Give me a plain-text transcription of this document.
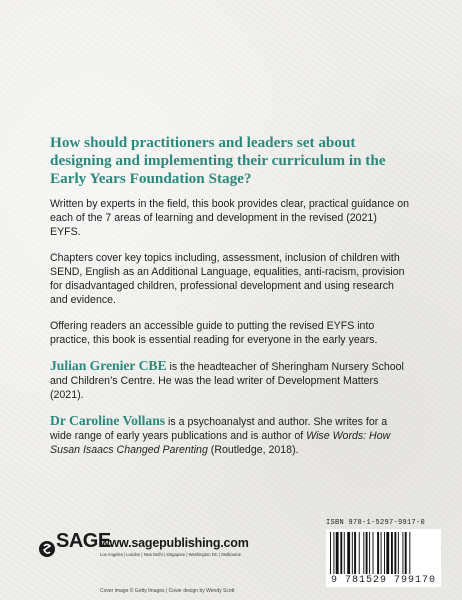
How should practitioners and leaders set about designing and implementing their curriculum in the Early Years Foundation Stage?

Written by experts in the field, this book provides clear, practical guidance on each of the 7 areas of learning and development in the revised (2021) EYFS.

Chapters cover key topics including, assessment, inclusion of children with SEND, English as an Additional Language, equalities, anti-racism, provision for disadvantaged children, professional development and using research and evidence.

Offering readers an accessible guide to putting the revised EYFS into practice, this book is essential reading for everyone in the early years.

Julian Grenier CBE is the headteacher of Sheringham Nursery School and Children’s Centre. He was the lead writer of Development Matters (2021).

Dr Caroline Vollans is a psychoanalyst and author. She writes for a wide range of early years publications and is author of Wise Words: How Susan Isaacs Changed Parenting (Routledge, 2018).

SAGE
www.sagepublishing.com
Los Angeles | London | New Delhi | Singapore | Washington DC | Melbourne
ISBN 978-1-5297-9917-0
9 781529 799170
Cover image © Getty Images | Cover design by Wendy Scott
